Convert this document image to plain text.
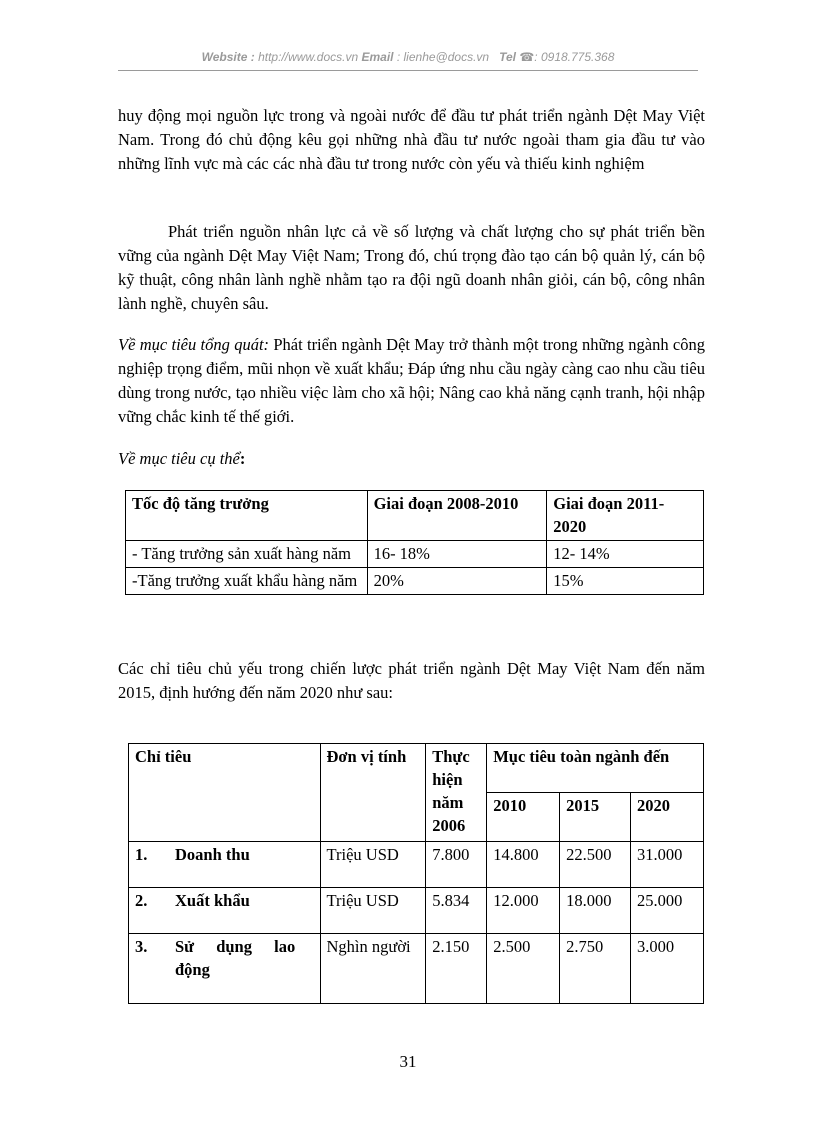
Website : http://www.docs.vn Email : lienhe@docs.vn Tel ☎: 0918.775.368

huy động mọi nguồn lực trong và ngoài nước để đầu tư phát triển ngành Dệt May Việt Nam. Trong đó chủ động kêu gọi những nhà đầu tư nước ngoài tham gia đầu tư vào những lĩnh vực mà các các nhà đầu tư trong nước còn yếu và thiếu kinh nghiệm

Phát triển nguồn nhân lực cả về số lượng và chất lượng cho sự phát triển bền vững của ngành Dệt May Việt Nam; Trong đó, chú trọng đào tạo cán bộ quản lý, cán bộ kỹ thuật, công nhân lành nghề nhằm tạo ra đội ngũ doanh nhân giỏi, cán bộ, công nhân lành nghề, chuyên sâu.

Về mục tiêu tổng quát: Phát triển ngành Dệt May trở thành một trong những ngành công nghiệp trọng điểm, mũi nhọn về xuất khẩu; Đáp ứng nhu cầu ngày càng cao nhu cầu tiêu dùng trong nước, tạo nhiều việc làm cho xã hội; Nâng cao khả năng cạnh tranh, hội nhập vững chắc kinh tế thế giới.

Về mục tiêu cụ thể:

Tốc độ tăng trưởng	Giai đoạn 2008-2010	Giai đoạn 2011-2020
- Tăng trưởng sản xuất hàng năm	16- 18%	12- 14%
-Tăng trưởng xuất khẩu hàng năm	20%	15%

Các chỉ tiêu chủ yếu trong chiến lược phát triển ngành Dệt May Việt Nam đến năm 2015, định hướng đến năm 2020 như sau:

Chỉ tiêu	Đơn vị tính	Thực hiện năm 2006	Mục tiêu toàn ngành đến		
			2010	2015	2020
1. Doanh thu	Triệu USD	7.800	14.800	22.500	31.000
2. Xuất khẩu	Triệu USD	5.834	12.000	18.000	25.000

3. Sử dụng lao động	Nghìn người	2.150	2.500	2.750	3.000
31
